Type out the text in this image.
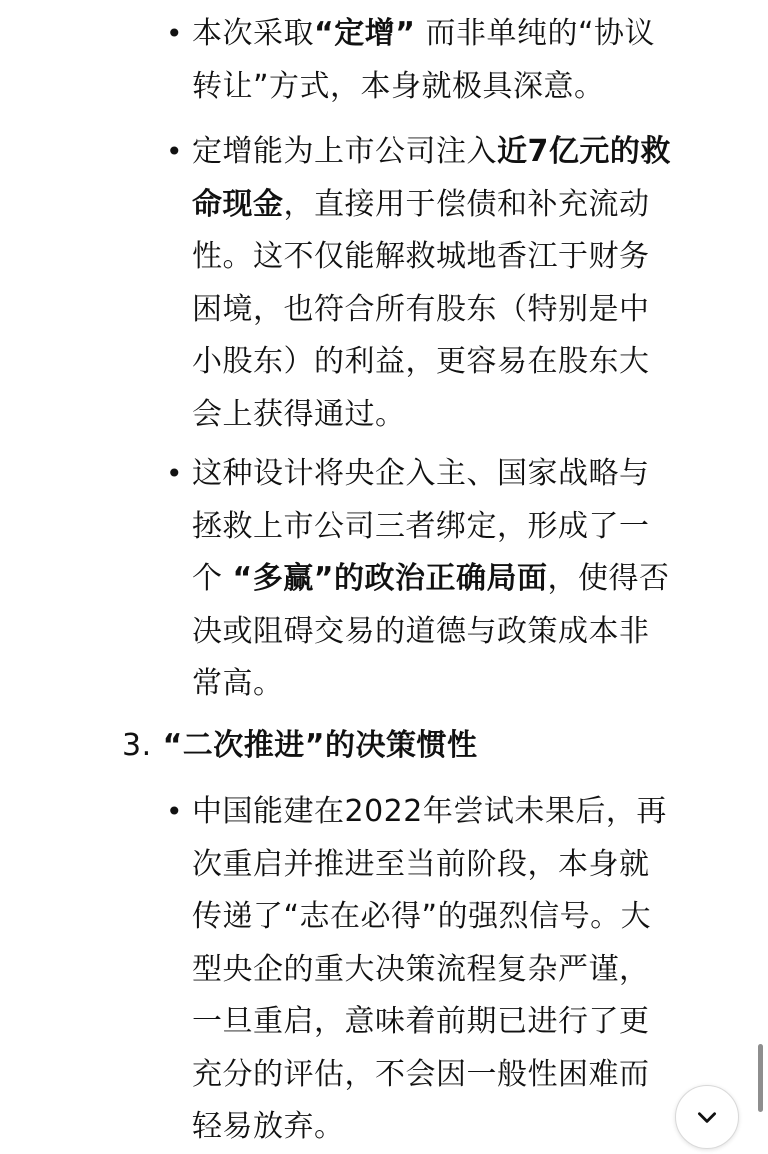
• 本次采取“定增” 而非单纯的“协议
转让”方式，本身就极具深意。
• 定增能为上市公司注入近7亿元的救
命现金，直接用于偿债和补充流动
性。这不仅能解救城地香江于财务
困境，也符合所有股东（特别是中
小股东）的利益，更容易在股东大
会上获得通过。
• 这种设计将央企入主、国家战略与
拯救上市公司三者绑定，形成了一
个 “多赢”的政治正确局面，使得否
决或阻碍交易的道德与政策成本非
常高。
3. “二次推进”的决策惯性
• 中国能建在2022年尝试未果后，再
次重启并推进至当前阶段，本身就
传递了“志在必得”的强烈信号。大
型央企的重大决策流程复杂严谨，
一旦重启，意味着前期已进行了更
充分的评估，不会因一般性困难而
轻易放弃。
